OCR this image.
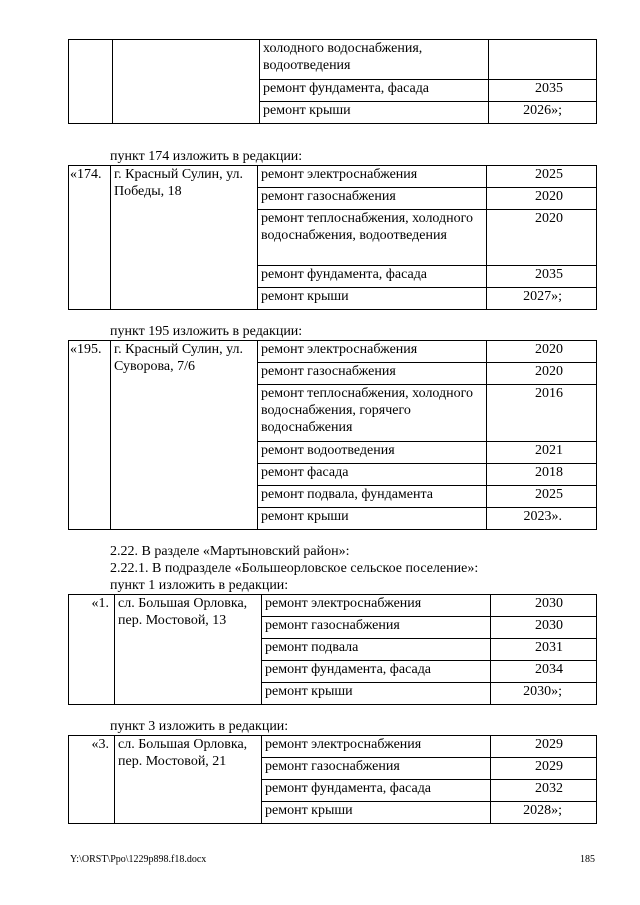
		холодного водоснабжения, водоотведения	
		ремонт фундамента, фасада	2035
		ремонт крыши	2026»;
пункт 174 изложить в редакции:
«174.	г. Красный Сулин, ул. Победы, 18	ремонт электроснабжения	2025
		ремонт газоснабжения	2020
		ремонт теплоснабжения, холодного водоснабжения, водоотведения	2020
		ремонт фундамента, фасада	2035
		ремонт крыши	2027»;
пункт 195 изложить в редакции:
«195.	г. Красный Сулин, ул. Суворова, 7/6	ремонт электроснабжения	2020
		ремонт газоснабжения	2020
		ремонт теплоснабжения, холодного водоснабжения, горячего водоснабжения	2016
		ремонт водоотведения	2021
		ремонт фасада	2018
		ремонт подвала, фундамента	2025
		ремонт крыши	2023».
2.22. В разделе «Мартыновский район»:
2.22.1. В подразделе «Большеорловское сельское поселение»:
пункт 1 изложить в редакции:
«1.	сл. Большая Орловка, пер. Мостовой, 13	ремонт электроснабжения	2030
		ремонт газоснабжения	2030
		ремонт подвала	2031
		ремонт фундамента, фасада	2034
		ремонт крыши	2030»;
пункт 3 изложить в редакции:
«3.	сл. Большая Орловка, пер. Мостовой, 21	ремонт электроснабжения	2029
		ремонт газоснабжения	2029
		ремонт фундамента, фасада	2032
		ремонт крыши	2028»;
Y:\ORST\Ppo\1229p898.f18.docx	185
